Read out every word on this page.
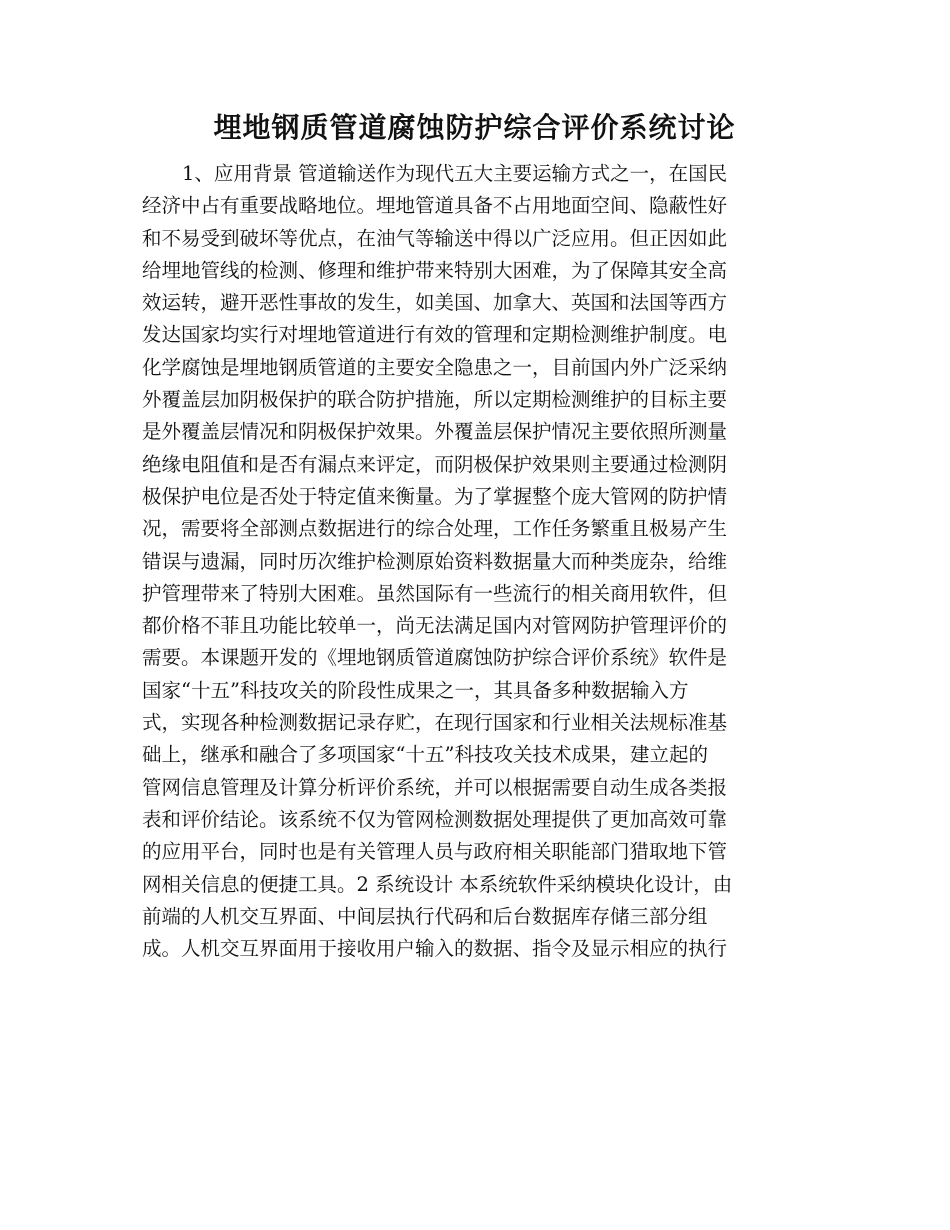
埋地钢质管道腐蚀防护综合评价系统讨论
1、应用背景 管道输送作为现代五大主要运输方式之一，在国民
经济中占有重要战略地位。埋地管道具备不占用地面空间、隐蔽性好
和不易受到破坏等优点，在油气等输送中得以广泛应用。但正因如此
给埋地管线的检测、修理和维护带来特别大困难，为了保障其安全高
效运转，避开恶性事故的发生，如美国、加拿大、英国和法国等西方
发达国家均实行对埋地管道进行有效的管理和定期检测维护制度。电
化学腐蚀是埋地钢质管道的主要安全隐患之一，目前国内外广泛采纳
外覆盖层加阴极保护的联合防护措施，所以定期检测维护的目标主要
是外覆盖层情况和阴极保护效果。外覆盖层保护情况主要依照所测量
绝缘电阻值和是否有漏点来评定，而阴极保护效果则主要通过检测阴
极保护电位是否处于特定值来衡量。为了掌握整个庞大管网的防护情
况，需要将全部测点数据进行的综合处理，工作任务繁重且极易产生
错误与遗漏，同时历次维护检测原始资料数据量大而种类庞杂，给维
护管理带来了特别大困难。虽然国际有一些流行的相关商用软件，但
都价格不菲且功能比较单一，尚无法满足国内对管网防护管理评价的
需要。本课题开发的《埋地钢质管道腐蚀防护综合评价系统》软件是
国家“十五”科技攻关的阶段性成果之一，其具备多种数据输入方
式，实现各种检测数据记录存贮，在现行国家和行业相关法规标准基
础上，继承和融合了多项国家“十五”科技攻关技术成果，建立起的
管网信息管理及计算分析评价系统，并可以根据需要自动生成各类报
表和评价结论。该系统不仅为管网检测数据处理提供了更加高效可靠
的应用平台，同时也是有关管理人员与政府相关职能部门猎取地下管
网相关信息的便捷工具。2 系统设计 本系统软件采纳模块化设计，由
前端的人机交互界面、中间层执行代码和后台数据库存储三部分组
成。人机交互界面用于接收用户输入的数据、指令及显示相应的执行
